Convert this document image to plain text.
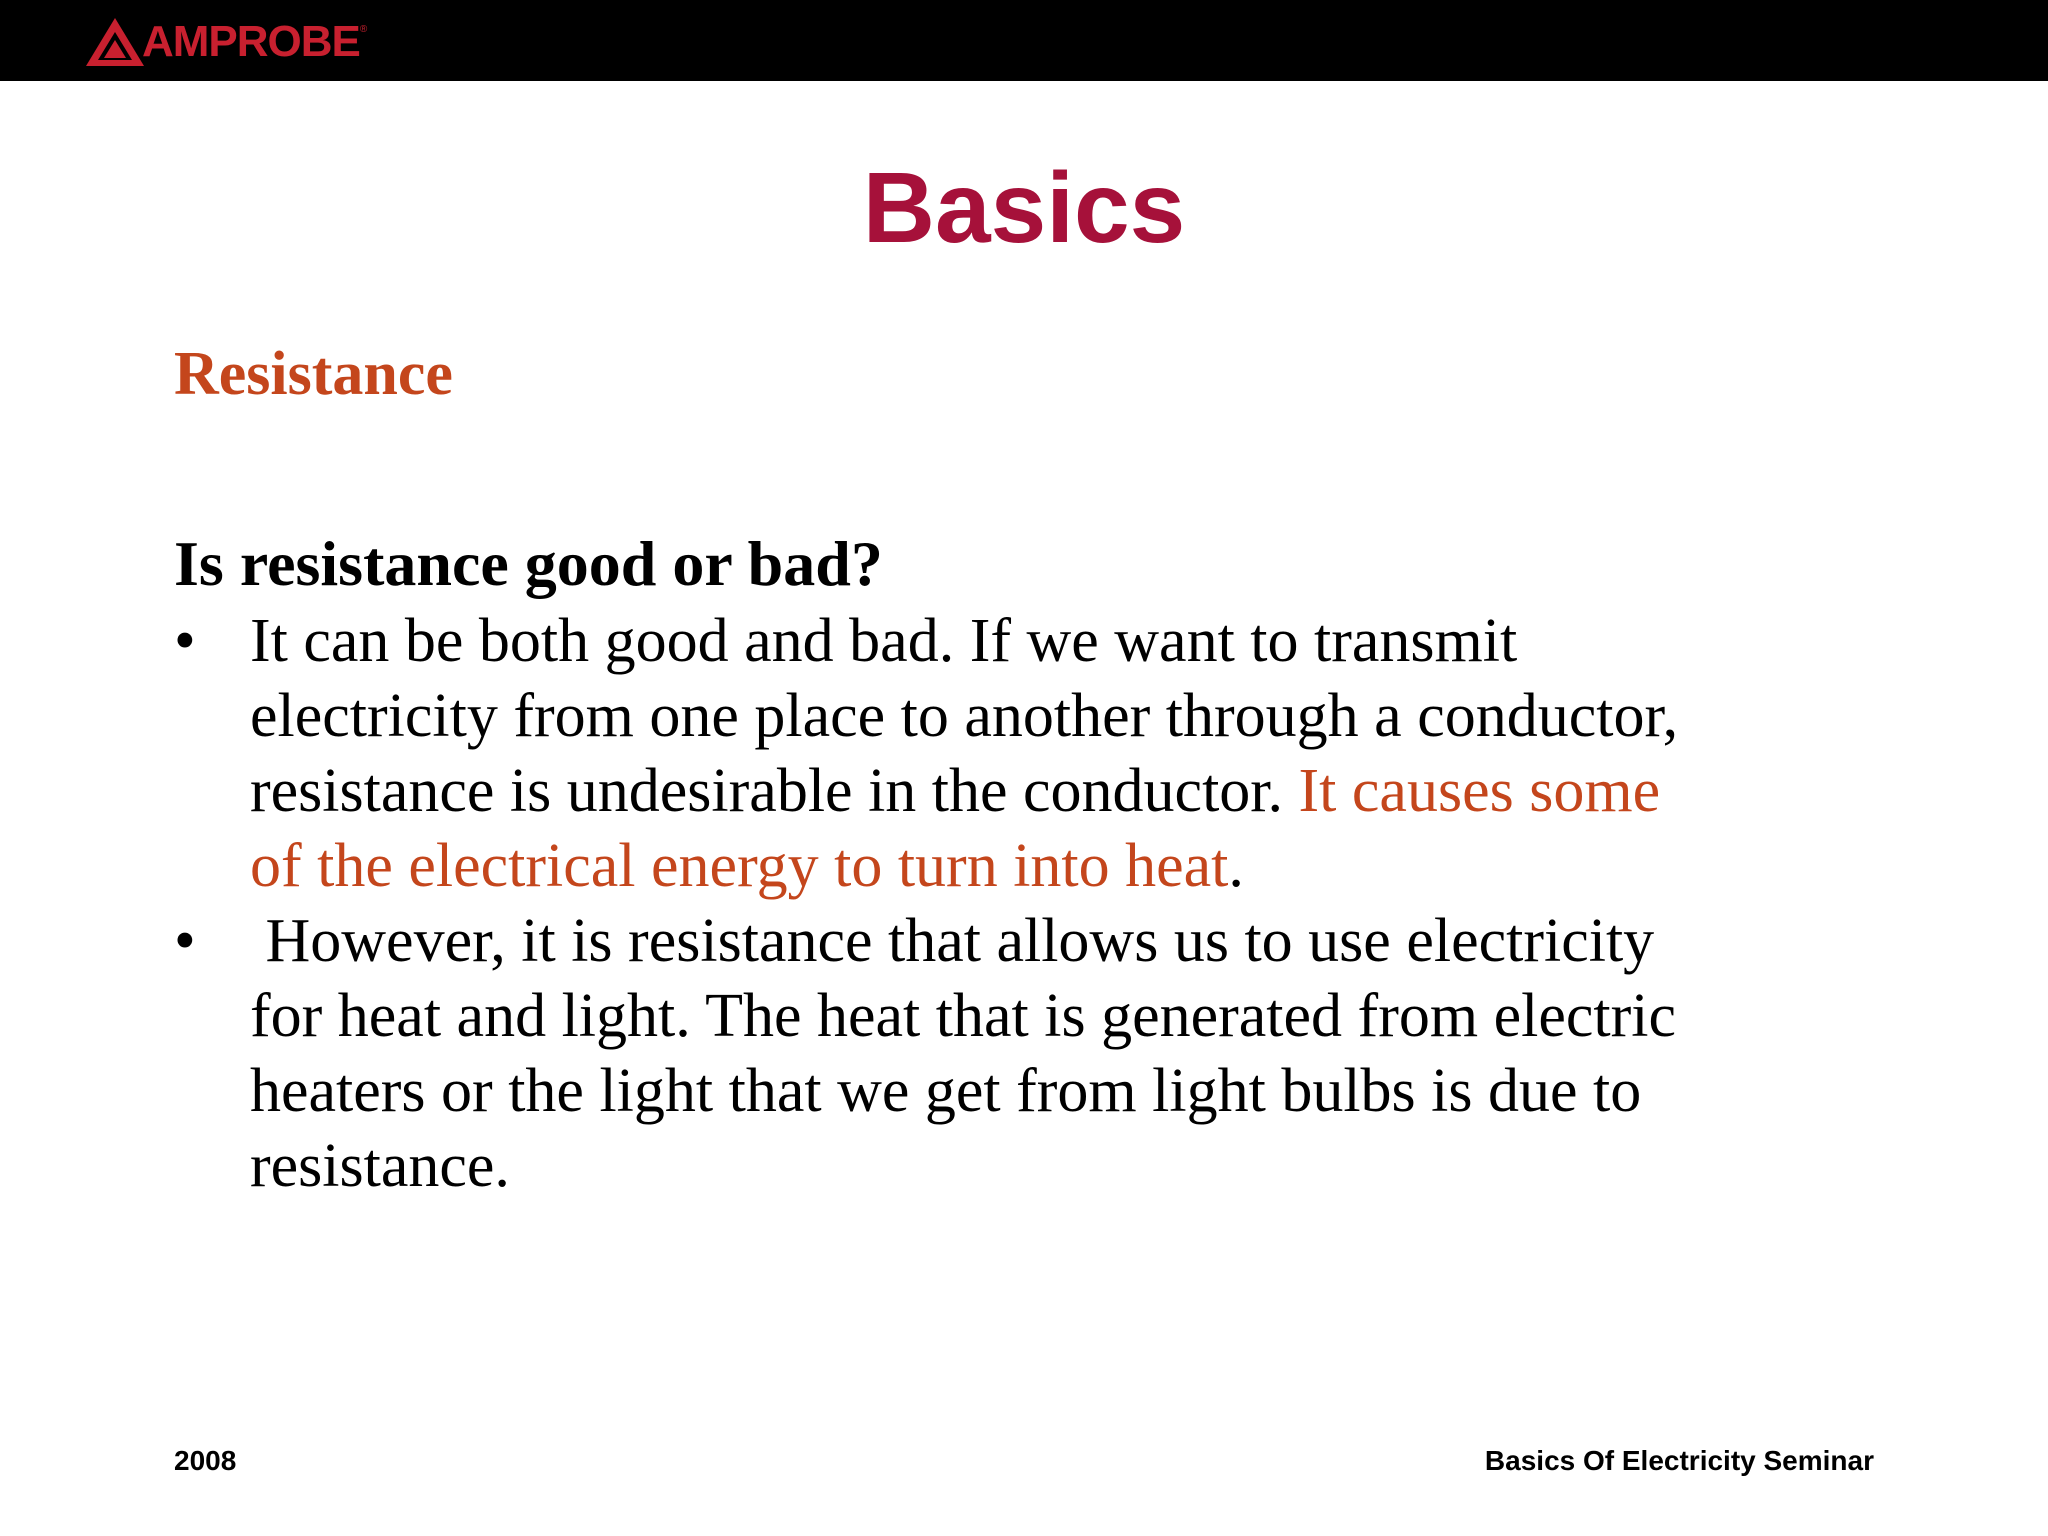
AMPROBE ®
Basics
Resistance

Is resistance good or bad?

• It can be both good and bad. If we want to transmit
electricity from one place to another through a conductor,
resistance is undesirable in the conductor. It causes some
of the electrical energy to turn into heat.
• However, it is resistance that allows us to use electricity
for heat and light. The heat that is generated from electric
heaters or the light that we get from light bulbs is due to
resistance.
2008	Basics Of Electricity Seminar
